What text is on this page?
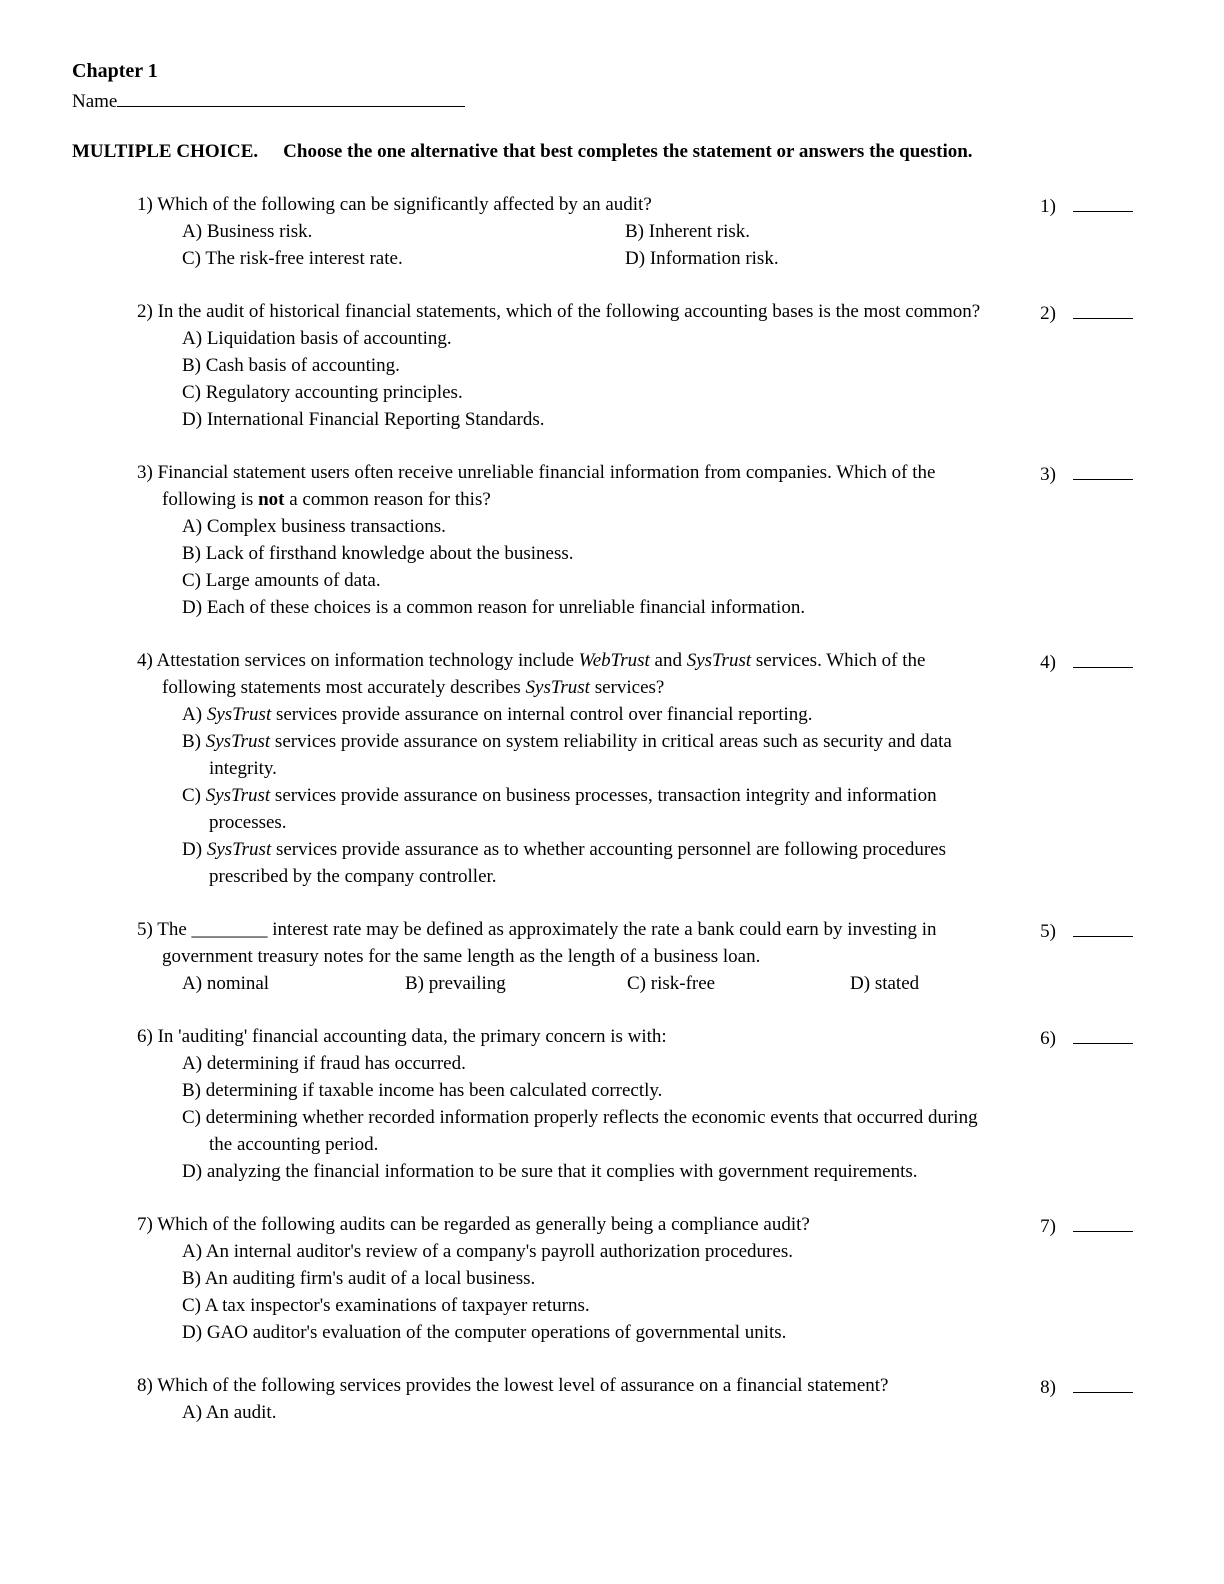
Chapter 1
Name
MULTIPLE CHOICE. Choose the one alternative that best completes the statement or answers the question.
1) Which of the following can be significantly affected by an audit?
A) Business risk.	B) Inherent risk.
C) The risk-free interest rate.	D) Information risk.
1)
2) In the audit of historical financial statements, which of the following accounting bases is the most common?
A) Liquidation basis of accounting.
B) Cash basis of accounting.
C) Regulatory accounting principles.
D) International Financial Reporting Standards.
2)
3) Financial statement users often receive unreliable financial information from companies. Which of the following is not a common reason for this?
A) Complex business transactions.
B) Lack of firsthand knowledge about the business.
C) Large amounts of data.
D) Each of these choices is a common reason for unreliable financial information.
3)
4) Attestation services on information technology include WebTrust and SysTrust services. Which of the following statements most accurately describes SysTrust services?
A) SysTrust services provide assurance on internal control over financial reporting.
B) SysTrust services provide assurance on system reliability in critical areas such as security and data integrity.
C) SysTrust services provide assurance on business processes, transaction integrity and information processes.
D) SysTrust services provide assurance as to whether accounting personnel are following procedures prescribed by the company controller.
4)
5) The ________ interest rate may be defined as approximately the rate a bank could earn by investing in government treasury notes for the same length as the length of a business loan.
A) nominal	B) prevailing	C) risk-free	D) stated
5)
6) In 'auditing' financial accounting data, the primary concern is with:
A) determining if fraud has occurred.
B) determining if taxable income has been calculated correctly.
C) determining whether recorded information properly reflects the economic events that occurred during the accounting period.
D) analyzing the financial information to be sure that it complies with government requirements.
6)
7) Which of the following audits can be regarded as generally being a compliance audit?
A) An internal auditor's review of a company's payroll authorization procedures.
B) An auditing firm's audit of a local business.
C) A tax inspector's examinations of taxpayer returns.
D) GAO auditor's evaluation of the computer operations of governmental units.
7)
8) Which of the following services provides the lowest level of assurance on a financial statement?
A) An audit.
8)
